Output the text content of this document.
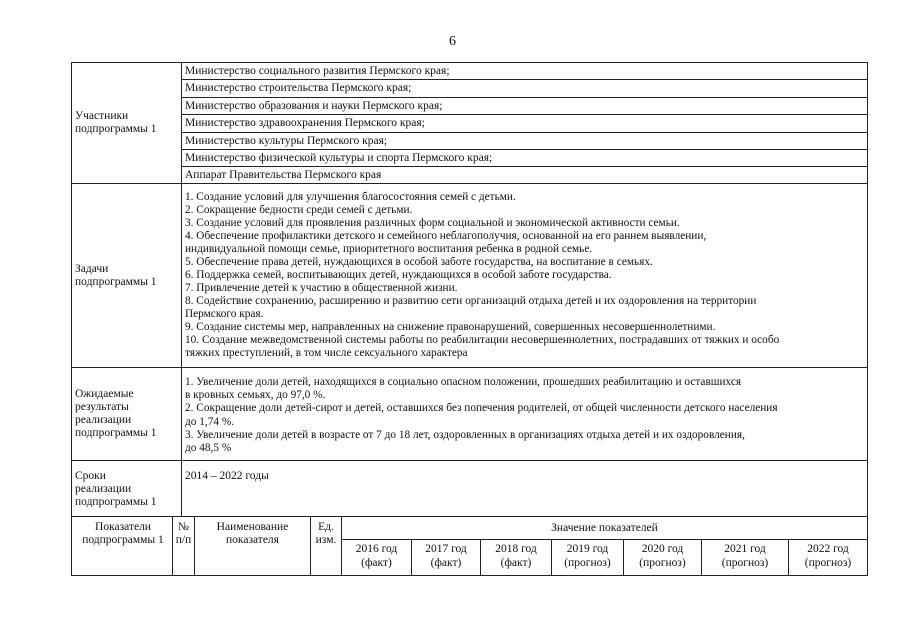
6
Участники
подпрограммы 1
Министерство социального развития Пермского края;
Министерство строительства Пермского края;
Министерство образования и науки Пермского края;
Министерство здравоохранения Пермского края;
Министерство культуры Пермского края;
Министерство физической культуры и спорта Пермского края;
Аппарат Правительства Пермского края
Задачи
подпрограммы 1
1. Создание условий для улучшения благосостояния семей с детьми.
2. Сокращение бедности среди семей с детьми.
3. Создание условий для проявления различных форм социальной и экономической активности семьи.
4. Обеспечение профилактики детского и семейного неблагополучия, основанной на его раннем выявлении,
индивидуальной помощи семье, приоритетного воспитания ребенка в родной семье.
5. Обеспечение права детей, нуждающихся в особой заботе государства, на воспитание в семьях.
6. Поддержка семей, воспитывающих детей, нуждающихся в особой заботе государства.
7. Привлечение детей к участию в общественной жизни.
8. Содействие сохранению, расширению и развитию сети организаций отдыха детей и их оздоровления на территории
Пермского края.
9. Создание системы мер, направленных на снижение правонарушений, совершенных несовершеннолетними.
10. Создание межведомственной системы работы по реабилитации несовершеннолетних, пострадавших от тяжких и особо
тяжких преступлений, в том числе сексуального характера
Ожидаемые
результаты
реализации
подпрограммы 1
1. Увеличение доли детей, находящихся в социально опасном положении, прошедших реабилитацию и оставшихся
в кровных семьях, до 97,0 %.
2. Сокращение доли детей-сирот и детей, оставшихся без попечения родителей, от общей численности детского населения
до 1,74 %.
3. Увеличение доли детей в возрасте от 7 до 18 лет, оздоровленных в организациях отдыха детей и их оздоровления,
до 48,5 %
Сроки
реализации
подпрограммы 1
2014 – 2022 годы
Показатели
подпрограммы 1
№
п/п
Наименование
показателя
Ед.
изм.
Значение показателей
2016 год
(факт)
2017 год
(факт)
2018 год
(факт)
2019 год
(прогноз)
2020 год
(прогноз)
2021 год
(прогноз)
2022 год
(прогноз)
